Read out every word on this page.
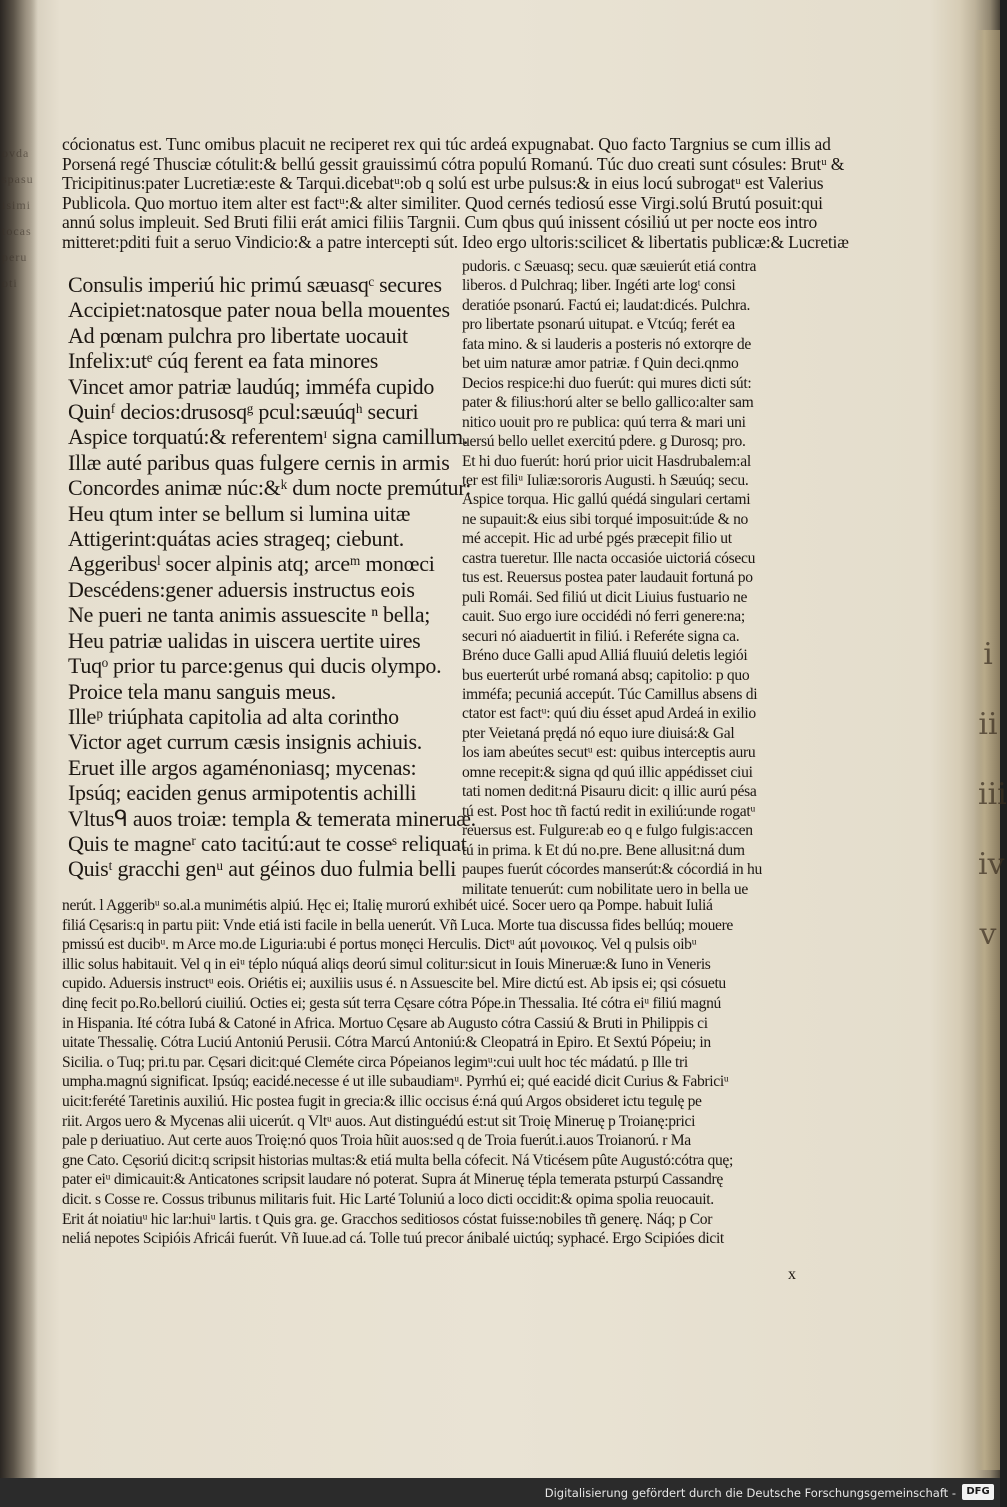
o v d a s p a s u i s i m i t o c a s p e r u o t i
ⅰ ⅱ ⅲ ⅳ ⅴ
cócionatus est. Tunc omibus placuit ne reciperet rex qui túc ardeá expugnabat. Quo facto Targnius se cum illis ad
Porsená regé Thusciæ cótulit:& bellú gessit grauissimú cótra populú Romanú. Túc duo creati sunt cósules: Brutᵘ &
Tricipitinus:pater Lucretiæ:este & Tarqui.dicebatᵘ:ob q solú est urbe pulsus:& in eius locú subrogatᵘ est Valerius
Publicola. Quo mortuo item alter est factᵘ:& alter similiter. Quod cernés tediosú esse Virgi.solú Brutú posuit:qui
annú solus impleuit. Sed Bruti filii erát amici filiis Targnii. Cum qbus quú inissent cósiliú ut per nocte eos intro
mitteret:pditi fuit a seruo Vindicio:& a patre intercepti sút. Ideo ergo ultoris:scilicet & libertatis publicæ:& Lucretiæ
Consulis imperiú hic primú sæuasqᶜ secures
Accipiet:natosque pater noua bella mouentes
Ad pœnam pulchra pro libertate uocauit
Infelix:utᵉ cúq ferent ea fata minores
Vincet amor patriæ laudúq; imméfa cupido
Quinᶠ decios:drusosqᵍ pcul:sæuúqʰ securi
Aspice torquatú:& referentemᶦ signa camillum.
Illæ auté paribus quas fulgere cernis in armis
Concordes animæ núc:&ᵏ dum nocte premútur:
Heu qtum inter se bellum si lumina uitæ
Attigerint:quátas acies strageq; ciebunt.
Aggeribusˡ socer alpinis atq; arceᵐ monœci
Descédens:gener aduersis instructus eois
Ne pueri ne tanta animis assuescite ⁿ bella;
Heu patriæ ualidas in uiscera uertite uires
Tuqᵒ prior tu parce:genus qui ducis olympo.
Proice tela manu sanguis meus.
Illeᵖ triúphata capitolia ad alta corintho
Victor aget currum cæsis insignis achiuis.
Eruet ille argos agaménoniasq; mycenas:
Ipsúq; eaciden genus armipotentis achilli
Vltusᑫ auos troiæ: templa & temerata mineruæ.
Quis te magneʳ cato tacitú:aut te cosseˢ reliquat
Quisᵗ gracchi genᵘ aut géinos duo fulmia belli
pudoris. c Sæuasq; secu. quæ sæuierút etiá contra
liberos. d Pulchraq; liber. Ingéti arte logᵗ consi
deratióe psonarú. Factú ei; laudat:dicés. Pulchra.
pro libertate psonarú uitupat. e Vtcúq; ferét ea
fata mino. & si lauderis a posteris nó extorqre de
bet uim naturæ amor patriæ. f Quin deci.qnmo
Decios respice:hi duo fuerút: qui mures dicti sút:
pater & filius:horú alter se bello gallico:alter sam
nitico uouit pro re publica: quú terra & mari uni
uersú bello uellet exercitú pdere. g Durosq; pro.
Et hi duo fuerút: horú prior uicit Hasdrubalem:al
ter est filiᵘ Iuliæ:sororis Augusti. h Sæuúq; secu.
Aspice torqua. Hic gallú quédá singulari certami
ne supauit:& eius sibi torqué imposuit:úde & no
mé accepit. Hic ad urbé pgés præcepit filio ut
castra tueretur. Ille nacta occasióe uictoriá cósecu
tus est. Reuersus postea pater laudauit fortuná po
puli Romái. Sed filiú ut dicit Liuius fustuario ne
cauit. Suo ergo iure occidédi nó ferri genere:na;
securi nó aiaduertit in filiú. i Referéte signa ca.
Bréno duce Galli apud Alliá fluuiú deletis legiói
bus euerterút urbé romaná absq; capitolio: p quo
imméfa; pecuniá accepút. Túc Camillus absens di
ctator est factᵘ: quú diu ésset apud Ardeá in exilio
pter Veietaná prędá nó equo iure diuisá:& Gal
los iam abeútes secutᵘ est: quibus interceptis auru
omne recepit:& signa qd quú illic appédisset ciui
tati nomen dedit:ná Pisauru dicit: q illic aurú pésa
tú est. Post hoc tñ factú redit in exiliú:unde rogatᵘ
reuersus est. Fulgure:ab eo q e fulgo fulgis:accen
tú in prima. k Et dú no.pre. Bene allusit:ná dum
paupes fuerút cócordes manserút:& cócordiá in hu
militate tenuerút: cum nobilitate uero in bella ue
nerút. l Aggeribᵘ so.al.a munimétis alpiú. Hęc ei; Italię murorú exhibét uicé. Socer uero qa Pompe. habuit Iuliá
filiá Cęsaris:q in partu piit: Vnde etiá isti facile in bella uenerút. Vñ Luca. Morte tua discussa fides bellúq; mouere
pmissú est ducibᵘ. m Arce mo.de Liguria:ubi é portus monęci Herculis. Dictᵘ aút μονοικος. Vel q pulsis oibᵘ
illic solus habitauit. Vel q in eiᵘ téplo núquá aliqs deorú simul colitur:sicut in Iouis Mineruæ:& Iuno in Veneris
cupido. Aduersis instructᵘ eois. Oriétis ei; auxiliis usus é. n Assuescite bel. Mire dictú est. Ab ipsis ei; qsi cósuetu
dinę fecit po.Ro.bellorú ciuiliú. Octies ei; gesta sút terra Cęsare cótra Pópe.in Thessalia. Ité cótra eiᵘ filiú magnú
in Hispania. Ité cótra Iubá & Catoné in Africa. Mortuo Cęsare ab Augusto cótra Cassiú & Bruti in Philippis ci
uitate Thessalię. Cótra Luciú Antoniú Perusii. Cótra Marcú Antoniú:& Cleopatrá in Epiro. Et Sextú Pópeiu; in
Sicilia. o Tuq; pri.tu par. Cęsari dicit:qué Cleméte circa Pópeianos legimᵘ:cui uult hoc téc mádatú. p Ille tri
umpha.magnú significat. Ipsúq; eacidé.necesse é ut ille subaudiamᵘ. Pyrrhú ei; qué eacidé dicit Curius & Fabriciᵘ
uicit:ferété Taretinis auxiliú. Hic postea fugit in grecia:& illic occisus é:ná quú Argos obsideret ictu tegulę pe
riit. Argos uero & Mycenas alii uicerút. q Vltᵘ auos. Aut distinguédú est:ut sit Troię Mineruę p Troianę:prici
pale p deriuatiuo. Aut certe auos Troię:nó quos Troia hũit auos:sed q de Troia fuerút.i.auos Troianorú. r Ma
gne Cato. Cęsoriú dicit:q scripsit historias multas:& etiá multa bella cófecit. Ná Vticésem pûte Augustó:cótra quę;
pater eiᵘ dimicauit:& Anticatones scripsit laudare nó poterat. Supra át Mineruę tépla temerata psturpú Cassandrę
dicit. s Cosse re. Cossus tribunus militaris fuit. Hic Larté Toluniú a loco dicti occidit:& opima spolia reuocauit.
Erit át noiatiuᵘ hic lar:huiᵘ lartis. t Quis gra. ge. Gracchos seditiosos cóstat fuisse:nobiles tñ generę. Náq; p Cor
neliá nepotes Scipióis Africái fuerút. Vñ Iuue.ad cá. Tolle tuú precor ánibalé uictúq; syphacé. Ergo Scipióes dicit
x
Digitalisierung gefördert durch die Deutsche Forschungsgemeinschaft -	DFG
